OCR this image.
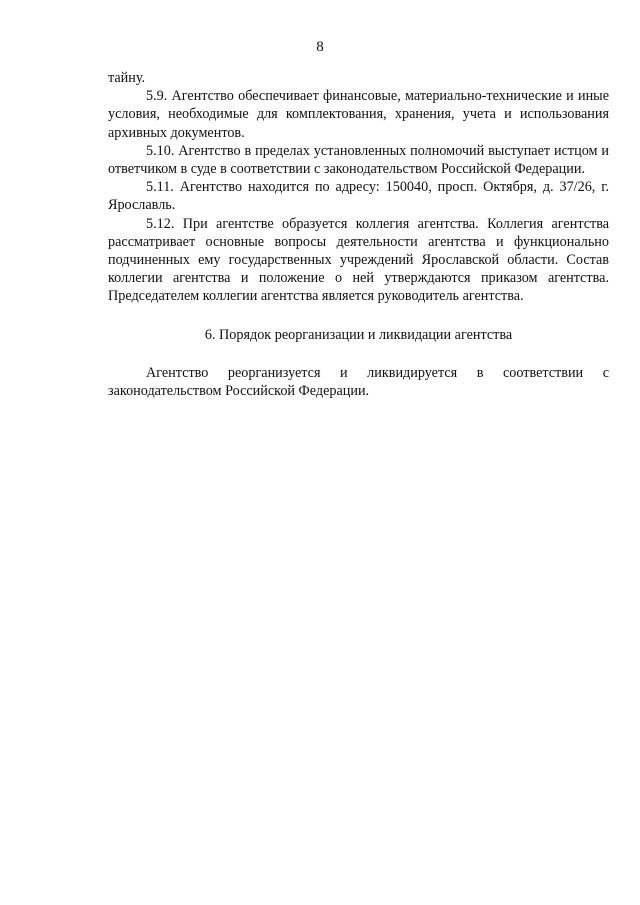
8

тайну.

5.9. Агентство обеспечивает финансовые, материально-технические и иные условия, необходимые для комплектования, хранения, учета и использования архивных документов.

5.10. Агентство в пределах установленных полномочий выступает истцом и ответчиком в суде в соответствии с законодательством Российской Федерации.

5.11. Агентство находится по адресу: 150040, просп. Октября, д. 37/26, г. Ярославль.

5.12. При агентстве образуется коллегия агентства. Коллегия агентства рассматривает основные вопросы деятельности агентства и функционально подчиненных ему государственных учреждений Ярославской области. Состав коллегии агентства и положение о ней утверждаются приказом агентства. Председателем коллегии агентства является руководитель агентства.

6. Порядок реорганизации и ликвидации агентства

Агентство реорганизуется и ликвидируется в соответствии с законодательством Российской Федерации.
